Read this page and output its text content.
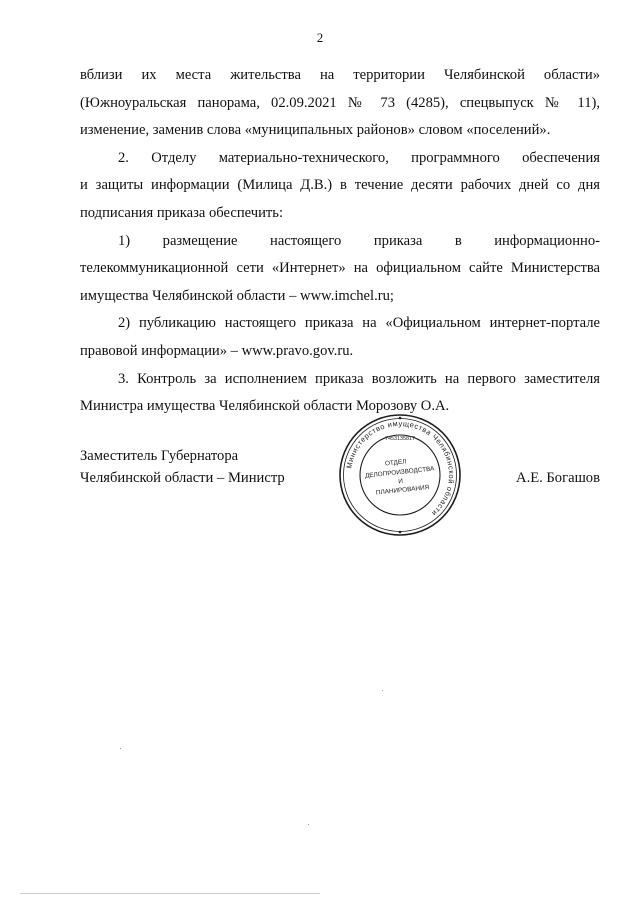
2

вблизи их места жительства на территории Челябинской области»
(Южноуральская панорама, 02.09.2021 № 73 (4285), спецвыпуск № 11),
изменение, заменив слова «муниципальных районов» словом «поселений».

2. Отделу материально-технического, программного обеспечения
и защиты информации (Милица Д.В.) в течение десяти рабочих дней со дня
подписания приказа обеспечить:

1) размещение настоящего приказа в информационно-
телекоммуникационной сети «Интернет» на официальном сайте Министерства
имущества Челябинской области – www.imchel.ru;

2) публикацию настоящего приказа на «Официальном интернет-портале
правовой информации» – www.pravo.gov.ru.

3. Контроль за исполнением приказа возложить на первого заместителя
Министра имущества Челябинской области Морозову О.А.

Заместитель Губернатора
Челябинской области – Министр
Министерство имущества Челябинской области
7453135817
ОТДЕЛ
ДЕЛОПРОИЗВОДСТВА
И
ПЛАНИРОВАНИЯ
А.Е. Богашов
